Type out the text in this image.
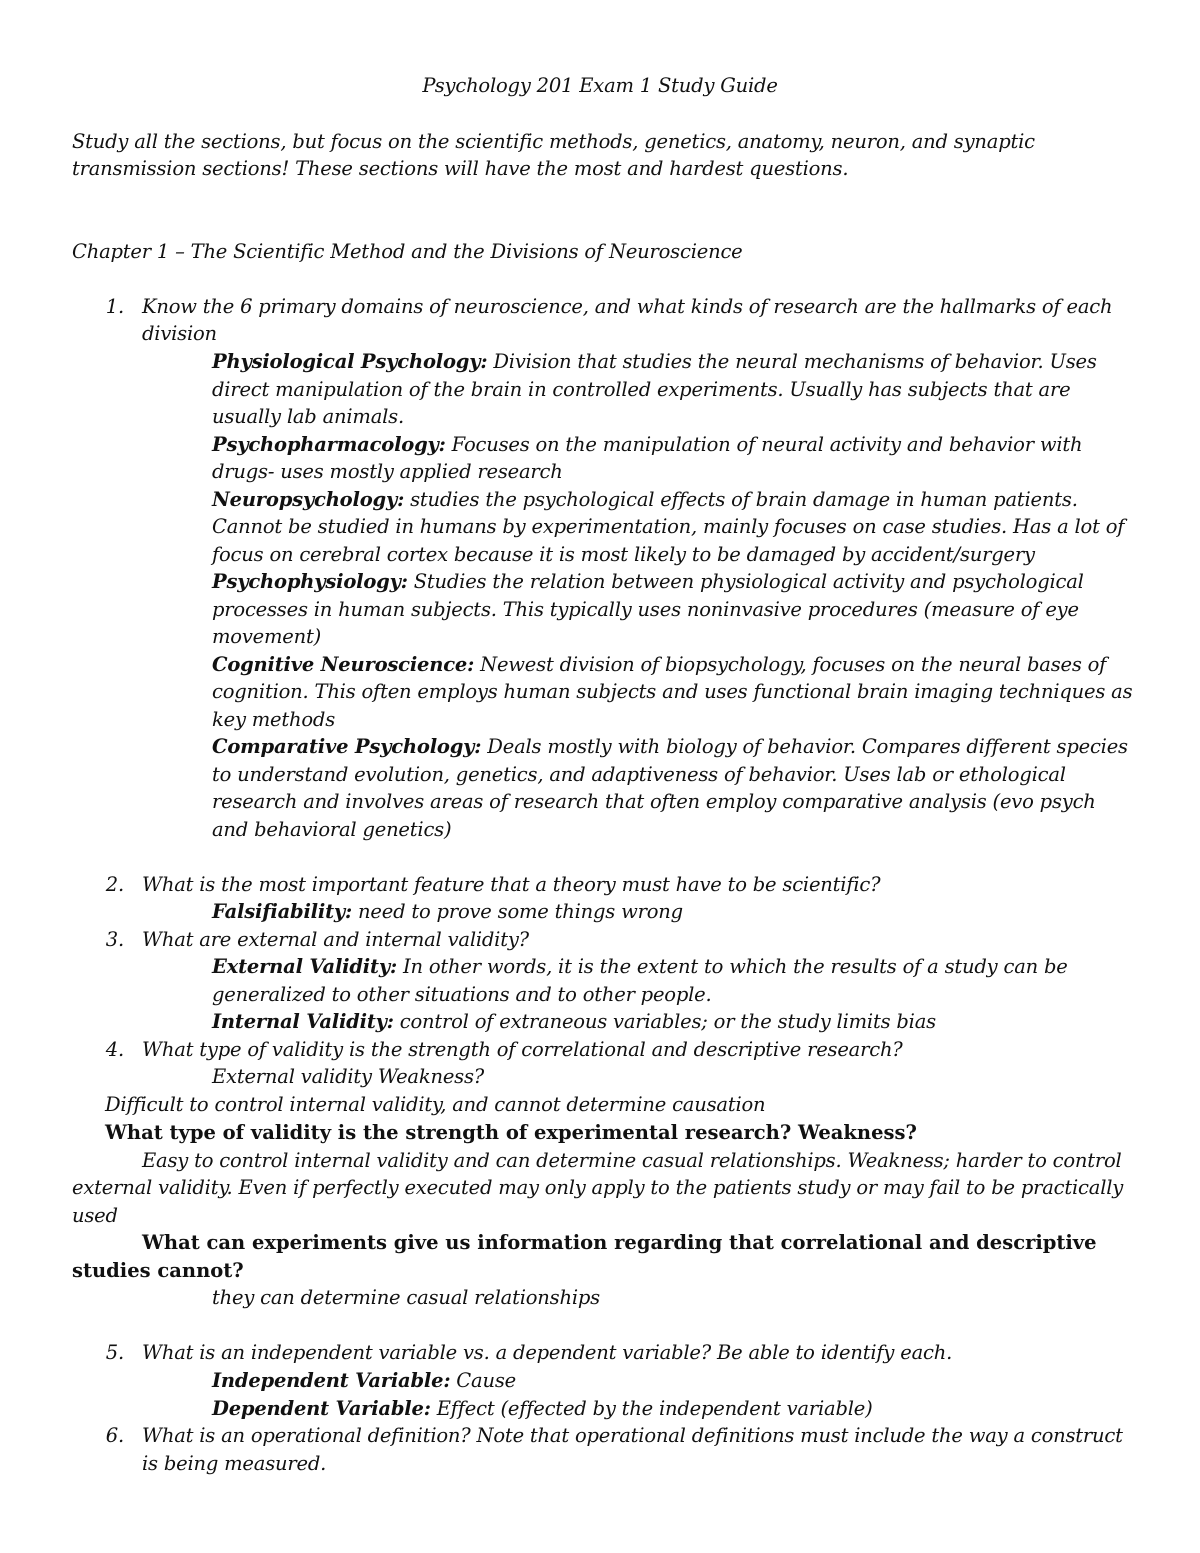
Psychology 201 Exam 1 Study Guide
Study all the sections, but focus on the scientific methods, genetics, anatomy, neuron, and synaptic
transmission sections! These sections will have the most and hardest questions.
Chapter 1 – The Scientific Method and the Divisions of Neuroscience
1. Know the 6 primary domains of neuroscience, and what kinds of research are the hallmarks of each
division
Physiological Psychology: Division that studies the neural mechanisms of behavior. Uses
direct manipulation of the brain in controlled experiments. Usually has subjects that are
usually lab animals.
Psychopharmacology: Focuses on the manipulation of neural activity and behavior with
drugs- uses mostly applied research
Neuropsychology: studies the psychological effects of brain damage in human patients.
Cannot be studied in humans by experimentation, mainly focuses on case studies. Has a lot of
focus on cerebral cortex because it is most likely to be damaged by accident/surgery
Psychophysiology: Studies the relation between physiological activity and psychological
processes in human subjects. This typically uses noninvasive procedures (measure of eye
movement)
Cognitive Neuroscience: Newest division of biopsychology, focuses on the neural bases of
cognition. This often employs human subjects and uses functional brain imaging techniques as
key methods
Comparative Psychology: Deals mostly with biology of behavior. Compares different species
to understand evolution, genetics, and adaptiveness of behavior. Uses lab or ethological
research and involves areas of research that often employ comparative analysis (evo psych
and behavioral genetics)
2. What is the most important feature that a theory must have to be scientific?
Falsifiability: need to prove some things wrong
3. What are external and internal validity?
External Validity: In other words, it is the extent to which the results of a study can be
generalized to other situations and to other people.
Internal Validity: control of extraneous variables; or the study limits bias
4. What type of validity is the strength of correlational and descriptive research?
External validity Weakness?
Difficult to control internal validity, and cannot determine causation
What type of validity is the strength of experimental research? Weakness?
Easy to control internal validity and can determine casual relationships. Weakness; harder to control
external validity. Even if perfectly executed may only apply to the patients study or may fail to be practically
used
What can experiments give us information regarding that correlational and descriptive
studies cannot?
they can determine casual relationships
5. What is an independent variable vs. a dependent variable? Be able to identify each.
Independent Variable: Cause
Dependent Variable: Effect (effected by the independent variable)
6. What is an operational definition? Note that operational definitions must include the way a construct
is being measured.
